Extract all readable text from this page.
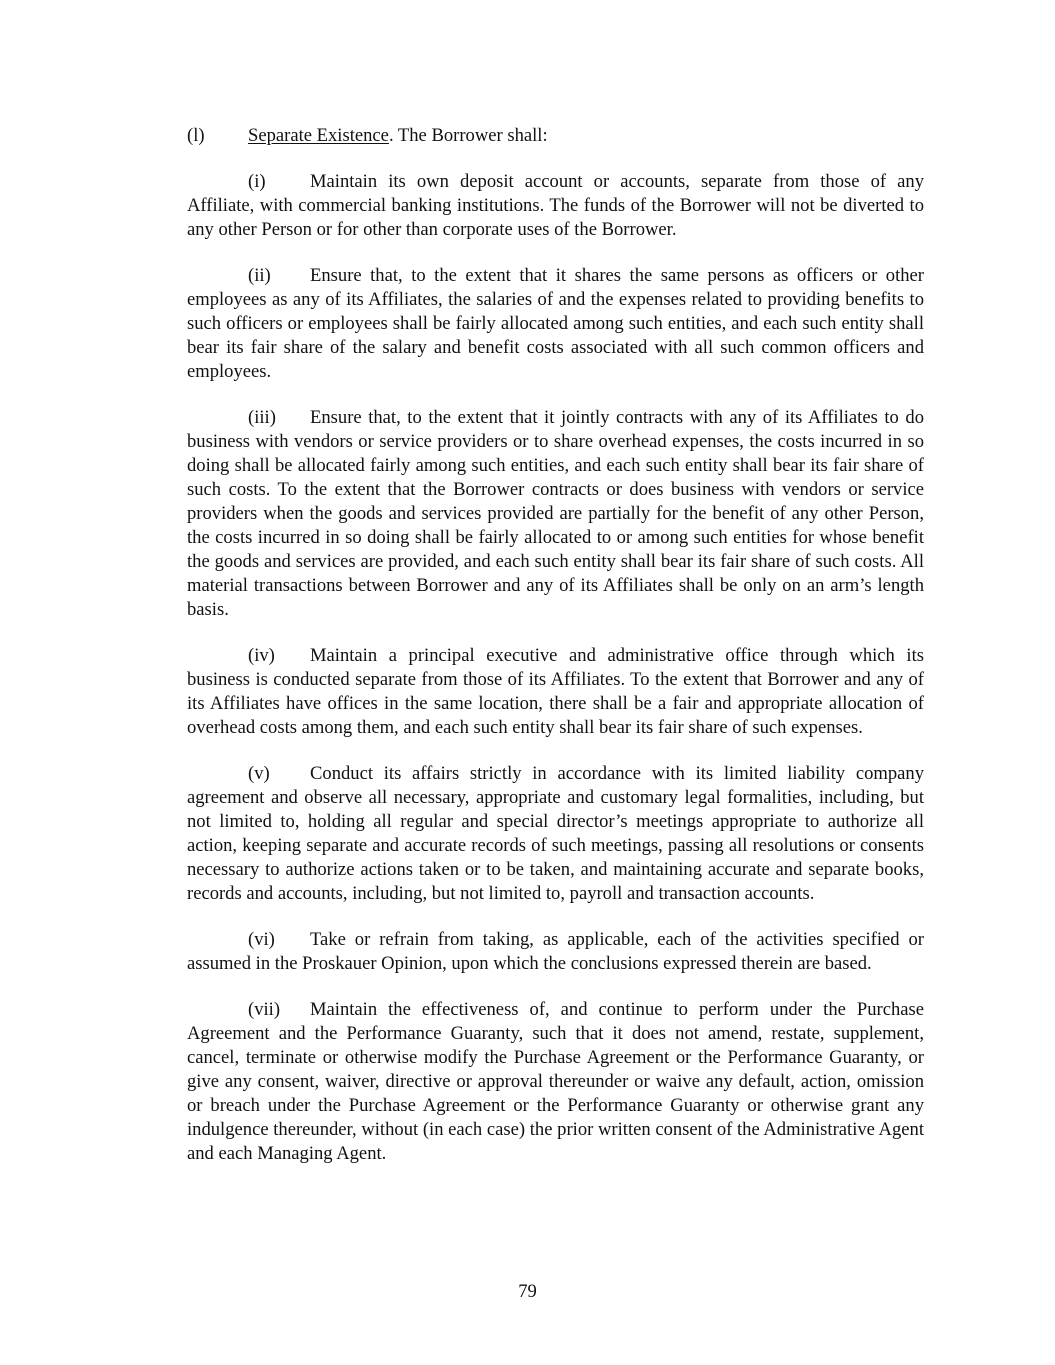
(l) Separate Existence. The Borrower shall:

(i) Maintain its own deposit account or accounts, separate from those of any Affiliate, with commercial banking institutions. The funds of the Borrower will not be diverted to any other Person or for other than corporate uses of the Borrower.

(ii) Ensure that, to the extent that it shares the same persons as officers or other employees as any of its Affiliates, the salaries of and the expenses related to providing benefits to such officers or employees shall be fairly allocated among such entities, and each such entity shall bear its fair share of the salary and benefit costs associated with all such common officers and employees.

(iii) Ensure that, to the extent that it jointly contracts with any of its Affiliates to do business with vendors or service providers or to share overhead expenses, the costs incurred in so doing shall be allocated fairly among such entities, and each such entity shall bear its fair share of such costs. To the extent that the Borrower contracts or does business with vendors or service providers when the goods and services provided are partially for the benefit of any other Person, the costs incurred in so doing shall be fairly allocated to or among such entities for whose benefit the goods and services are provided, and each such entity shall bear its fair share of such costs. All material transactions between Borrower and any of its Affiliates shall be only on an arm’s length basis.

(iv) Maintain a principal executive and administrative office through which its business is conducted separate from those of its Affiliates. To the extent that Borrower and any of its Affiliates have offices in the same location, there shall be a fair and appropriate allocation of overhead costs among them, and each such entity shall bear its fair share of such expenses.

(v) Conduct its affairs strictly in accordance with its limited liability company agreement and observe all necessary, appropriate and customary legal formalities, including, but not limited to, holding all regular and special director’s meetings appropriate to authorize all action, keeping separate and accurate records of such meetings, passing all resolutions or consents necessary to authorize actions taken or to be taken, and maintaining accurate and separate books, records and accounts, including, but not limited to, payroll and transaction accounts.

(vi) Take or refrain from taking, as applicable, each of the activities specified or assumed in the Proskauer Opinion, upon which the conclusions expressed therein are based.

(vii) Maintain the effectiveness of, and continue to perform under the Purchase Agreement and the Performance Guaranty, such that it does not amend, restate, supplement, cancel, terminate or otherwise modify the Purchase Agreement or the Performance Guaranty, or give any consent, waiver, directive or approval thereunder or waive any default, action, omission or breach under the Purchase Agreement or the Performance Guaranty or otherwise grant any indulgence thereunder, without (in each case) the prior written consent of the Administrative Agent and each Managing Agent.

79
